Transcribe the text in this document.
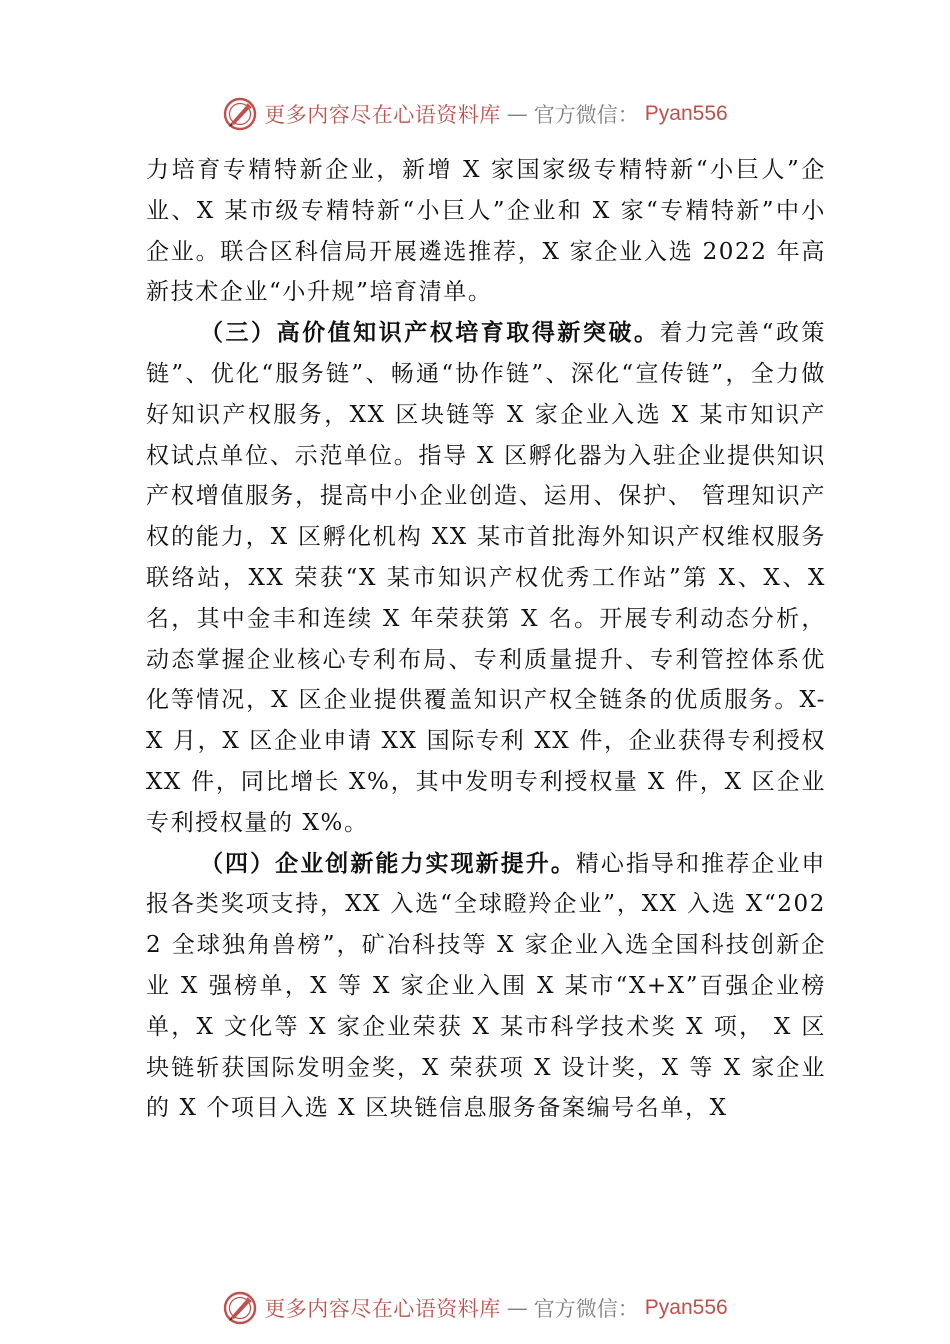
更多内容尽在心语资料库 — 官方微信： Pyan556

力培育专精特新企业，新增 X 家国家级专精特新“小巨人”企业、X 某市级专精特新“小巨人”企业和 X 家“专精特新”中小企业。联合区科信局开展遴选推荐，X 家企业入选 2022 年高新技术企业“小升规”培育清单。

（三）高价值知识产权培育取得新突破。着力完善“政策链”、优化“服务链”、畅通“协作链”、深化“宣传链”，全力做好知识产权服务，XX 区块链等 X 家企业入选 X 某市知识产权试点单位、示范单位。指导 X 区孵化器为入驻企业提供知识产权增值服务，提高中小企业创造、运用、保护、 管理知识产权的能力，X 区孵化机构 XX 某市首批海外知识产权维权服务联络站，XX 荣获“X 某市知识产权优秀工作站”第 X、X、X 名，其中金丰和连续 X 年荣获第 X 名。开展专利动态分析，动态掌握企业核心专利布局、专利质量提升、专利管控体系优化等情况，X 区企业提供覆盖知识产权全链条的优质服务。X-X 月，X 区企业申请 XX 国际专利 XX 件，企业获得专利授权 XX 件，同比增长 X%，其中发明专利授权量 X 件，X 区企业专利授权量的 X%。

（四）企业创新能力实现新提升。精心指导和推荐企业申报各类奖项支持，XX 入选“全球瞪羚企业”，XX 入选 X“2022 全球独角兽榜”，矿冶科技等 X 家企业入选全国科技创新企业 X 强榜单，X 等 X 家企业入围 X 某市“X+X”百强企业榜单，X 文化等 X 家企业荣获 X 某市科学技术奖 X 项， X 区块链斩获国际发明金奖，X 荣获项 X 设计奖，X 等 X 家企业的 X 个项目入选 X 区块链信息服务备案编号名单，X

更多内容尽在心语资料库 — 官方微信： Pyan556
